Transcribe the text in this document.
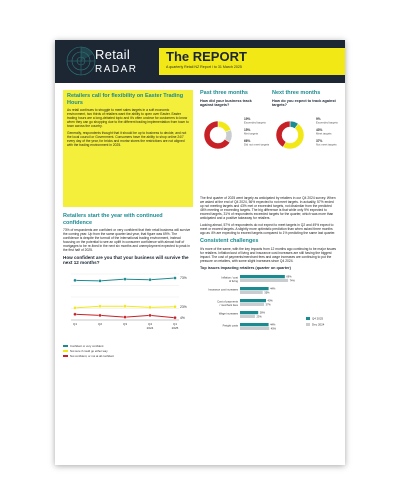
Retail
RADAR
The REPORT
A quarterly Retail NZ Report / to 31 March 2025
Retailers call for flexibility on Easter Trading Hours

As retail continues to struggle to meet sales targets in a soft economic environment, two thirds of retailers want the ability to open over Easter. Easter trading hours are a long-debated topic and it's often unclear for customers to know when they can go shopping due to the different trading implementation from town to town across the country.

Generally, respondents thought that it should be up to business to decide, and not the local council or Government. Consumers have the ability to shop online 24/7 every day of the year, for bricks and mortar stores the restrictions are not aligned with the trading environment in 2025.

Retailers start the year with continued confidence

73% of respondents are confident or very confident that their retail business will survive the coming year. Up from the same quarter last year, that figure was 69%. The confidence is despite the turmoil of the international trading environment, instead focusing on the potential to see an uplift in consumer confidence with almost half of mortgages to be re-fixed in the next six months and unemployment expected to peak in the first half of 2025.

How confident are you that your business will survive the next 12 months?
73%
23%
4%
Q1	Q2	Q3	Q4
2024
Q1
2025
Confident or very confident
Not sure if could go either way
Not confident, or not at all confident
Past three months
How did your business track against targets?
19%
Exceeded targets
15%
Met targets
66%
Did not meet targets
Next three months
How do you expect to track against targets?
9%
Exceeded targets
43%
Meet targets
37%
Not meet targets

The first quarter of 2025 went largely as anticipated by retailers in our Q4 2024 survey. When we asked at the end of Q4 2024, 56% expected to not meet targets. In actuality, 57% ended up not meeting targets and 43% met or exceeded targets, not dissimilar from the predicted 46% meeting or exceeding targets. The big difference is that while only 9% expected to exceed targets, 31% of respondents exceeded targets for the quarter, which was more than anticipated and a positive takeaway for retailers.

Looking ahead, 57% of respondents do not expect to meet targets in Q2 and 49% expect to meet or exceed targets. A slightly more optimistic prediction than when asked three months ago as 4% are expecting to exceed targets compared to 1% predicting the same last quarter.

Consistent challenges

It's more of the same, with the key impacts from 12 months ago continuing to be major issues for retailers. Inflation/cost of living and insurance cost increases are still having the biggest impact. The cost of payments/merchant fees and wage increases are continuing to put the pressure on retailers, with some slight increases since Q4 2024.

Top issues impacting retailers (quarter on quarter)
Inflation / cost
of living
69%
74%
Insurance cost increases	44%
35%
Cost of payments
/ merchant fees
40%
37%
Wage increases	28%
23%
Freight costs	44%
45%
Q4 2025
Dec 2024
